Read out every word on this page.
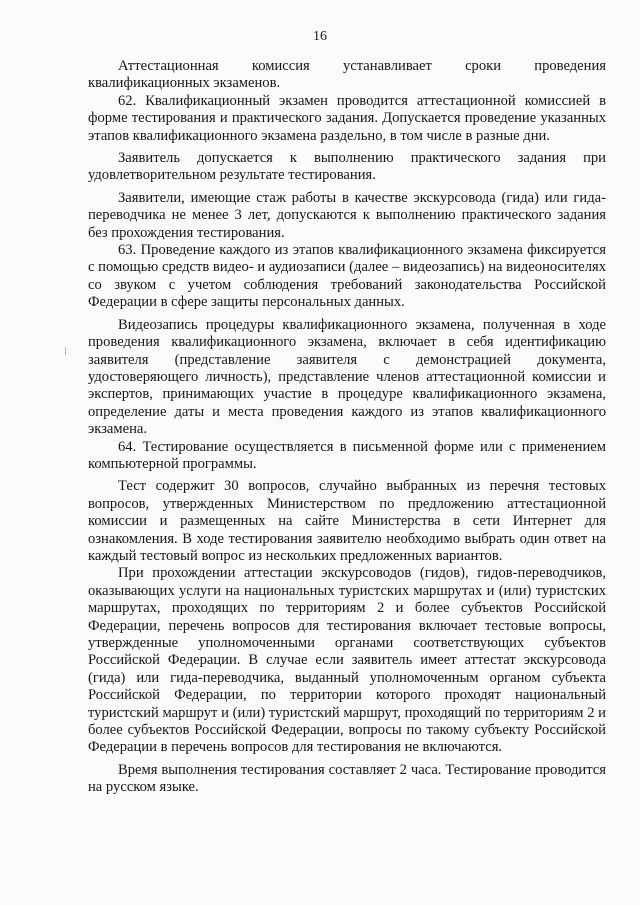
16
⁞

Аттестационная комиссия устанавливает сроки проведения квалификационных экзаменов.

62. Квалификационный экзамен проводится аттестационной комиссией в форме тестирования и практического задания. Допускается проведение указанных этапов квалификационного экзамена раздельно, в том числе в разные дни.

Заявитель допускается к выполнению практического задания при удовлетворительном результате тестирования.

Заявители, имеющие стаж работы в качестве экскурсовода (гида) или гида-переводчика не менее 3 лет, допускаются к выполнению практического задания без прохождения тестирования.

63. Проведение каждого из этапов квалификационного экзамена фиксируется с помощью средств видео- и аудиозаписи (далее – видеозапись) на видеоносителях со звуком с учетом соблюдения требований законодательства Российской Федерации в сфере защиты персональных данных.

Видеозапись процедуры квалификационного экзамена, полученная в ходе проведения квалификационного экзамена, включает в себя идентификацию заявителя (представление заявителя с демонстрацией документа, удостоверяющего личность), представление членов аттестационной комиссии и экспертов, принимающих участие в процедуре квалификационного экзамена, определение даты и места проведения каждого из этапов квалификационного экзамена.

64. Тестирование осуществляется в письменной форме или с применением компьютерной программы.

Тест содержит 30 вопросов, случайно выбранных из перечня тестовых вопросов, утвержденных Министерством по предложению аттестационной комиссии и размещенных на сайте Министерства в сети Интернет для ознакомления. В ходе тестирования заявителю необходимо выбрать один ответ на каждый тестовый вопрос из нескольких предложенных вариантов.

При прохождении аттестации экскурсоводов (гидов), гидов-переводчиков, оказывающих услуги на национальных туристских маршрутах и (или) туристских маршрутах, проходящих по территориям 2 и более субъектов Российской Федерации, перечень вопросов для тестирования включает тестовые вопросы, утвержденные уполномоченными органами соответствующих субъектов Российской Федерации. В случае если заявитель имеет аттестат экскурсовода (гида) или гида-переводчика, выданный уполномоченным органом субъекта Российской Федерации, по территории которого проходят национальный туристский маршрут и (или) туристский маршрут, проходящий по территориям 2 и более субъектов Российской Федерации, вопросы по такому субъекту Российской Федерации в перечень вопросов для тестирования не включаются.

Время выполнения тестирования составляет 2 часа. Тестирование проводится на русском языке.
